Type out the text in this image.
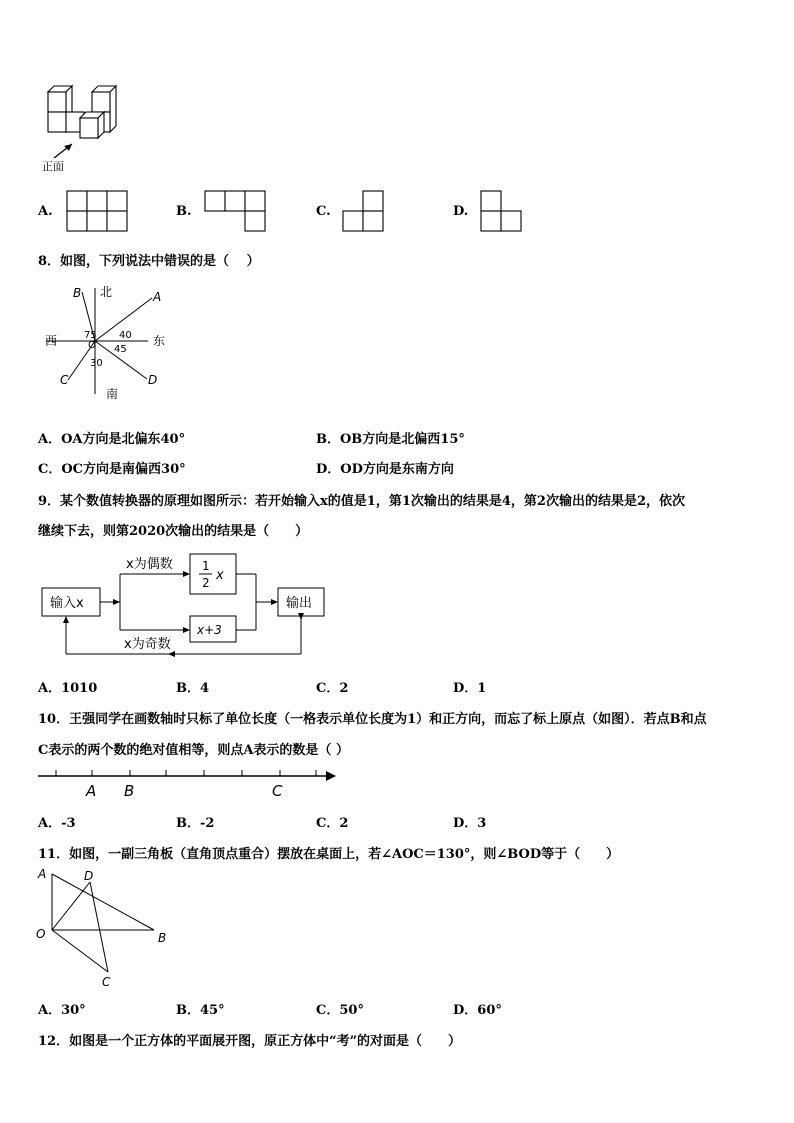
正面
A.	B.	C.	D.
8．如图，下列说法中错误的是（　 ）
北
南
西	东
O
A
B
C	D
75 40
45
30
A．OA方向是北偏东40°	B．OB方向是北偏西15°
C．OC方向是南偏西30°	D．OD方向是东南方向
9．某个数值转换器的原理如图所示：若开始输入x的值是1，第1次输出的结果是4，第2次输出的结果是2，依次
继续下去，则第2020次输出的结果是（　　）
输入x
x为偶数
x为奇数
1
2 x
x+3
输出
A．1010	B．4	C．2	D．1
10．王强同学在画数轴时只标了单位长度（一格表示单位长度为1）和正方向，而忘了标上原点（如图）．若点B和点
C表示的两个数的绝对值相等，则点A表示的数是（ ）
A B	C
A．-3	B．-2	C．2	D．3
11．如图，一副三角板（直角顶点重合）摆放在桌面上，若∠AOC＝130°，则∠BOD等于（　　）
A	D
O	B
C
A．30°	B．45°	C．50°	D．60°
12．如图是一个正方体的平面展开图，原正方体中“考”的对面是（　　）
